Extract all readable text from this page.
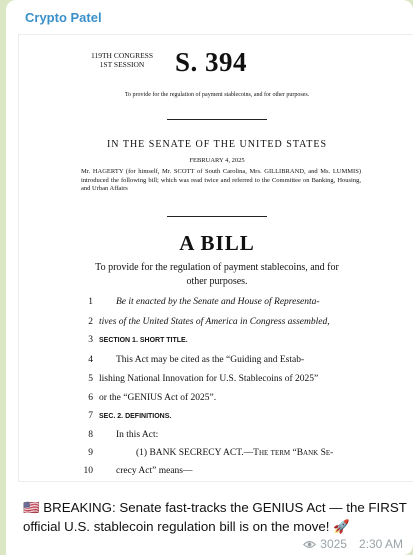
Crypto Patel
119TH CONGRESS
1ST SESSION	S. 394
To provide for the regulation of payment stablecoins, and for other purposes.
IN THE SENATE OF THE UNITED STATES
FEBRUARY 4, 2025
Mr. HAGERTY (for himself, Mr. SCOTT of South Carolina, Mrs. GILLIBRAND, and Ms. LUMMIS) introduced the following bill; which was read twice and referred to the Committee on Banking, Housing, and Urban Affairs
A BILL
To provide for the regulation of payment stablecoins, and for other purposes.
1 Be it enacted by the Senate and House of Representa-
2 tives of the United States of America in Congress assembled,
3 SECTION 1. SHORT TITLE.
4 This Act may be cited as the “Guiding and Estab-
5 lishing National Innovation for U.S. Stablecoins of 2025”
6 or the “GENIUS Act of 2025”.
7 SEC. 2. DEFINITIONS.
8 In this Act:
9	(1) BANK SECRECY ACT.—The term “Bank Se-
10 crecy Act” means—
🇺🇸 BREAKING: Senate fast-tracks the GENIUS Act — the FIRST official U.S. stablecoin regulation bill is on the move! 🚀
3025 2:30 AM
